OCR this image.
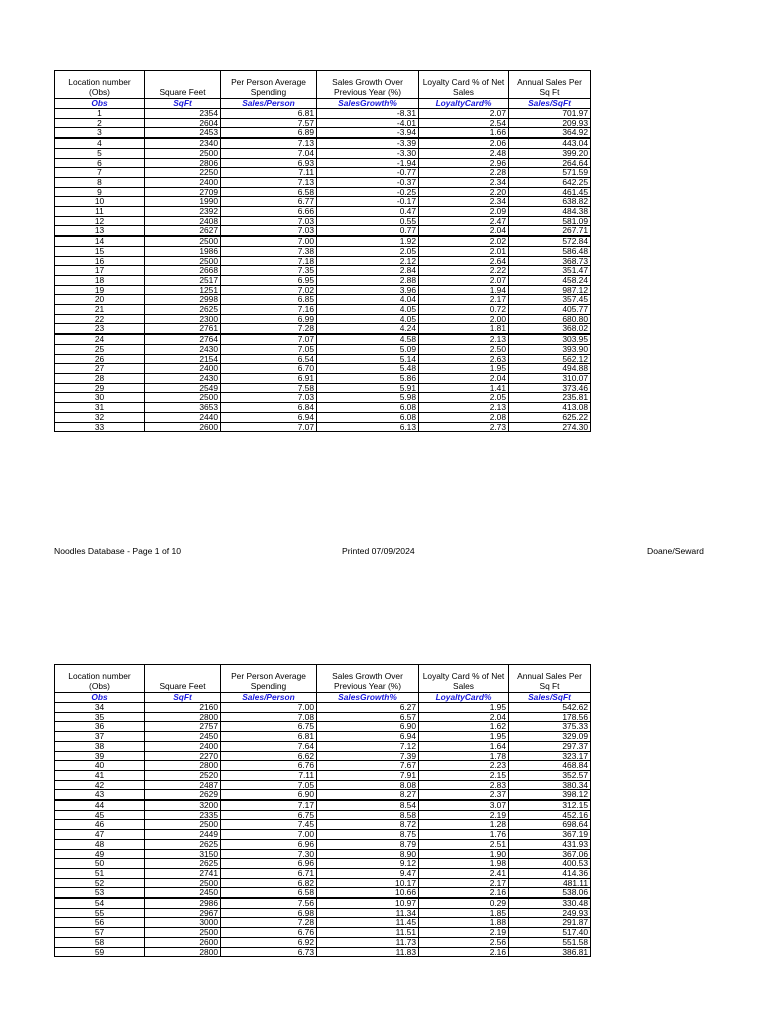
Location number (Obs)	Square Feet	Per Person Average Spending	Sales Growth Over Previous Year (%)	Loyalty Card % of Net Sales	Annual Sales Per Sq Ft
Obs	SqFt	Sales/Person	SalesGrowth%	LoyaltyCard%	Sales/SqFt
1	2354	6.81	-8.31	2.07	701.97
2	2604	7.57	-4.01	2.54	209.93
3	2453	6.89	-3.94	1.66	364.92
4	2340	7.13	-3.39	2.06	443.04
5	2500	7.04	-3.30	2.48	399.20
6	2806	6.93	-1.94	2.96	264.64
7	2250	7.11	-0.77	2.28	571.59
8	2400	7.13	-0.37	2.34	642.25
9	2709	6.58	-0.25	2.20	461.45
10	1990	6.77	-0.17	2.34	638.82
11	2392	6.66	0.47	2.09	484.38
12	2408	7.03	0.55	2.47	581.09
13	2627	7.03	0.77	2.04	267.71
14	2500	7.00	1.92	2.02	572.84
15	1986	7.38	2.05	2.01	586.48
16	2500	7.18	2.12	2.64	368.73
17	2668	7.35	2.84	2.22	351.47
18	2517	6.95	2.88	2.07	458.24
19	1251	7.02	3.96	1.94	987.12
20	2998	6.85	4.04	2.17	357.45
21	2625	7.16	4.05	0.72	405.77
22	2300	6.99	4.05	2.00	680.80
23	2761	7.28	4.24	1.81	368.02
24	2764	7.07	4.58	2.13	303.95
25	2430	7.05	5.09	2.50	393.90
26	2154	6.54	5.14	2.63	562.12
27	2400	6.70	5.48	1.95	494.88
28	2430	6.91	5.86	2.04	310.07
29	2549	7.58	5.91	1.41	373.46
30	2500	7.03	5.98	2.05	235.81
31	3653	6.84	6.08	2.13	413.08
32	2440	6.94	6.08	2.08	625.22
33	2600	7.07	6.13	2.73	274.30
Noodles Database - Page 1 of 10	Printed 07/09/2024	Doane/Seward
Location number (Obs)	Square Feet	Per Person Average Spending	Sales Growth Over Previous Year (%)	Loyalty Card % of Net Sales	Annual Sales Per Sq Ft
Obs	SqFt	Sales/Person	SalesGrowth%	LoyaltyCard%	Sales/SqFt
34	2160	7.00	6.27	1.95	542.62
35	2800	7.08	6.57	2.04	178.56
36	2757	6.75	6.90	1.62	375.33
37	2450	6.81	6.94	1.95	329.09
38	2400	7.64	7.12	1.64	297.37
39	2270	6.62	7.39	1.78	323.17
40	2800	6.76	7.67	2.23	468.84
41	2520	7.11	7.91	2.15	352.57
42	2487	7.05	8.08	2.83	380.34
43	2629	6.90	8.27	2.37	398.12
44	3200	7.17	8.54	3.07	312.15
45	2335	6.75	8.58	2.19	452.16
46	2500	7.45	8.72	1.28	698.64
47	2449	7.00	8.75	1.76	367.19
48	2625	6.96	8.79	2.51	431.93
49	3150	7.30	8.90	1.90	367.06
50	2625	6.96	9.12	1.98	400.53
51	2741	6.71	9.47	2.41	414.36
52	2500	6.82	10.17	2.17	481.11
53	2450	6.58	10.66	2.16	538.06
54	2986	7.56	10.97	0.29	330.48
55	2967	6.98	11.34	1.85	249.93
56	3000	7.28	11.45	1.88	291.87
57	2500	6.76	11.51	2.19	517.40
58	2600	6.92	11.73	2.56	551.58
59	2800	6.73	11.83	2.16	386.81
